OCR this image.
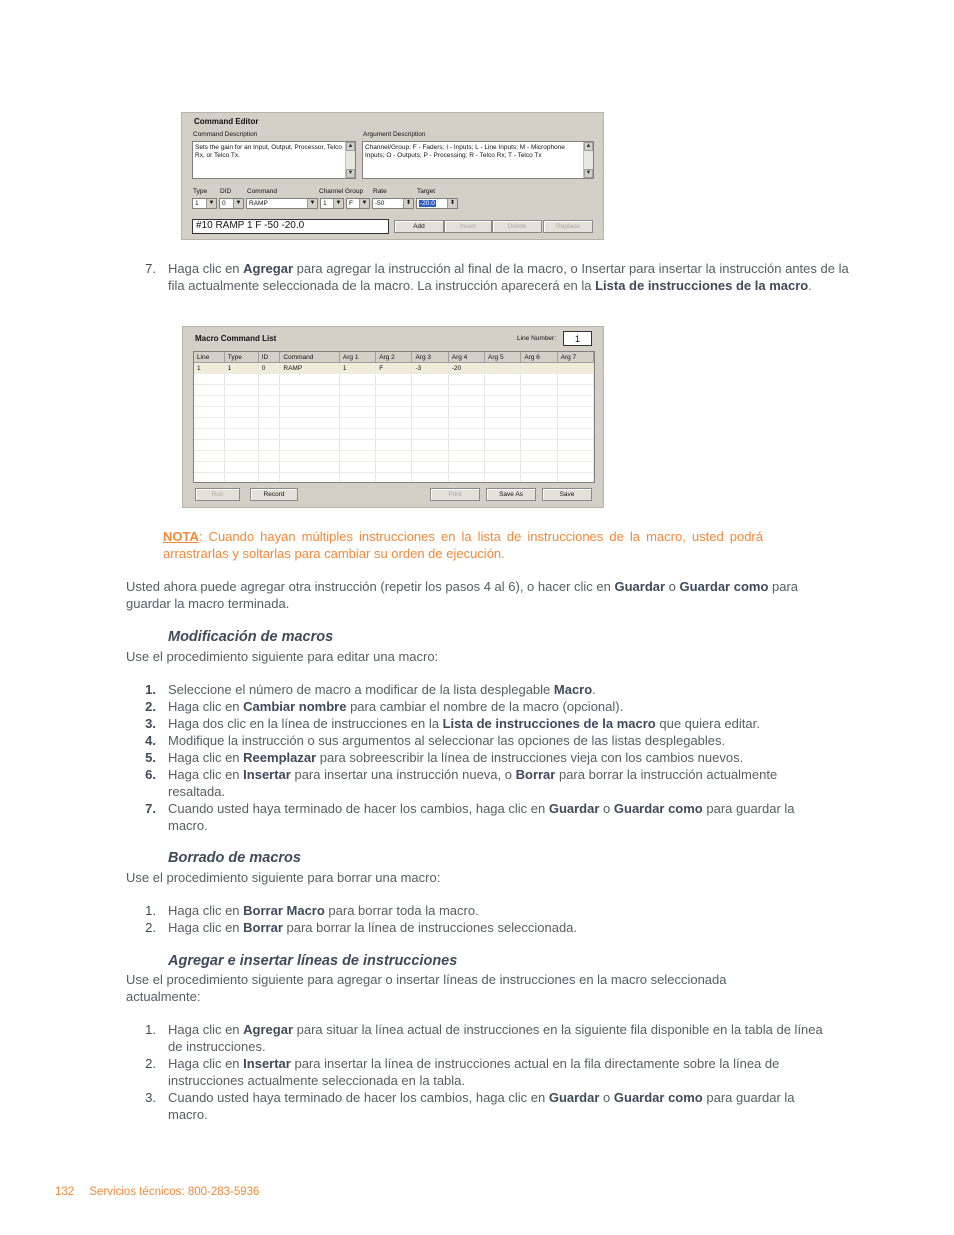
Command Editor
Command Description
Sets the gain for an Input, Output, Processor, Telco Rx, or Telco Tx.
▲
▼
Argument Description
Channel/Group: F - Faders; I - Inputs; L - Line Inputs; M - Microphone Inputs; O - Outputs; P - Processing; R - Telco Rx; T - Telco Tx
▲
▼
Type DID Command	Channel Group Rate	Target
1	▼	0	▼	RAMP	▼	1	▼	F	▼	-50	⬍	-20.0	⬍
#10 RAMP 1 F -50 -20.0	Add	Insert	Delete	Replace
7. Haga clic en Agregar para agregar la instrucción al final de la macro, o Insertar para insertar la instrucción antes de la fila actualmente seleccionada de la macro. La instrucción aparecerá en la Lista de instrucciones de la macro.
Macro Command List	Line Number:	1
Line	Type	ID	Command	Arg 1	Arg 2	Arg 3	Arg 4	Arg 5	Arg 6	Arg 7
1	1	0	RAMP	1	F	-3	-20			

Run	Record	Print	Save As	Save
NOTA: Cuando hayan múltiples instrucciones en la lista de instrucciones de la macro, usted podrá arrastrarlas y soltarlas para cambiar su orden de ejecución.
Usted ahora puede agregar otra instrucción (repetir los pasos 4 al 6), o hacer clic en Guardar o Guardar como para guardar la macro terminada.
Modificación de macros
Use el procedimiento siguiente para editar una macro:
1. Seleccione el número de macro a modificar de la lista desplegable Macro.
2. Haga clic en Cambiar nombre para cambiar el nombre de la macro (opcional).
3. Haga dos clic en la línea de instrucciones en la Lista de instrucciones de la macro que quiera editar.
4. Modifique la instrucción o sus argumentos al seleccionar las opciones de las listas desplegables.
5. Haga clic en Reemplazar para sobreescribir la línea de instrucciones vieja con los cambios nuevos.
6. Haga clic en Insertar para insertar una instrucción nueva, o Borrar para borrar la instrucción actualmente resaltada.
7. Cuando usted haya terminado de hacer los cambios, haga clic en Guardar o Guardar como para guardar la macro.
Borrado de macros
Use el procedimiento siguiente para borrar una macro:
1. Haga clic en Borrar Macro para borrar toda la macro.
2. Haga clic en Borrar para borrar la línea de instrucciones seleccionada.
Agregar e insertar líneas de instrucciones
Use el procedimiento siguiente para agregar o insertar líneas de instrucciones en la macro seleccionada actualmente:
1. Haga clic en Agregar para situar la línea actual de instrucciones en la siguiente fila disponible en la tabla de línea de instrucciones.
2. Haga clic en Insertar para insertar la línea de instrucciones actual en la fila directamente sobre la línea de instrucciones actualmente seleccionada en la tabla.
3. Cuando usted haya terminado de hacer los cambios, haga clic en Guardar o Guardar como para guardar la macro.
132 Servicios técnicos: 800-283-5936
